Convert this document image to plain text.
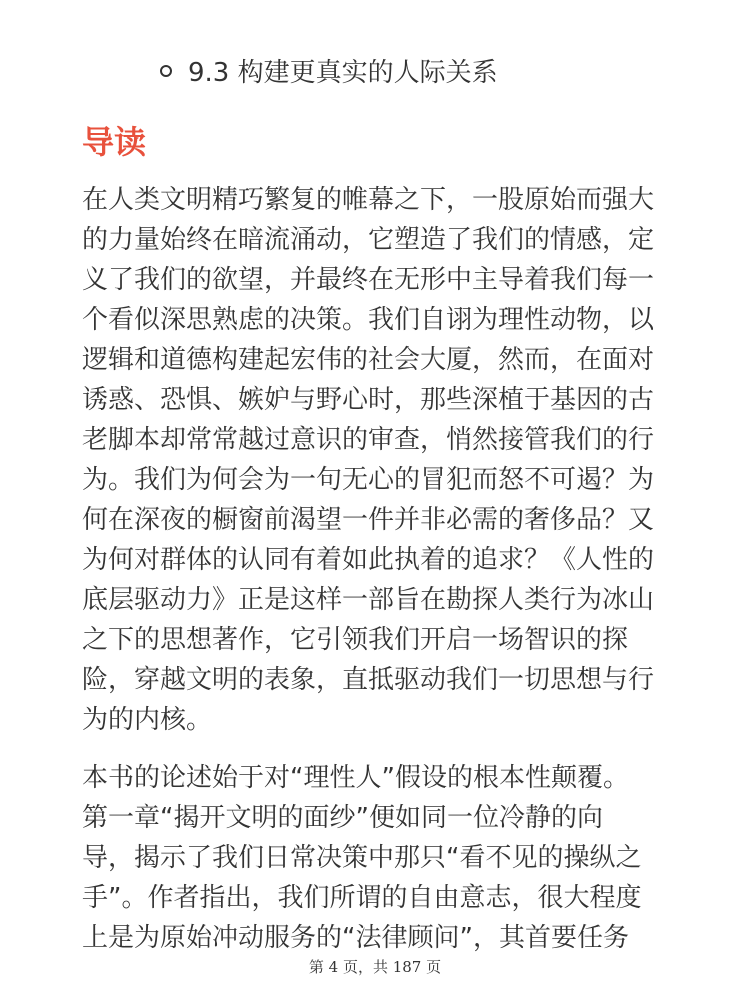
9.3 构建更真实的人际关系
导读

在人类文明精巧繁复的帷幕之下，一股原始而强大
的力量始终在暗流涌动，它塑造了我们的情感，定
义了我们的欲望，并最终在无形中主导着我们每一
个看似深思熟虑的决策。我们自诩为理性动物，以
逻辑和道德构建起宏伟的社会大厦，然而，在面对
诱惑、恐惧、嫉妒与野心时，那些深植于基因的古
老脚本却常常越过意识的审查，悄然接管我们的行
为。我们为何会为一句无心的冒犯而怒不可遏？为
何在深夜的橱窗前渴望一件并非必需的奢侈品？又
为何对群体的认同有着如此执着的追求？《人性的
底层驱动力》正是这样一部旨在勘探人类行为冰山
之下的思想著作，它引领我们开启一场智识的探
险，穿越文明的表象，直抵驱动我们一切思想与行
为的内核。

本书的论述始于对“理性人”假设的根本性颠覆。
第一章“揭开文明的面纱”便如同一位冷静的向
导，揭示了我们日常决策中那只“看不见的操纵之
手”。作者指出，我们所谓的自由意志，很大程度
上是为原始冲动服务的“法律顾问”，其首要任务

第 4 页，共 187 页
